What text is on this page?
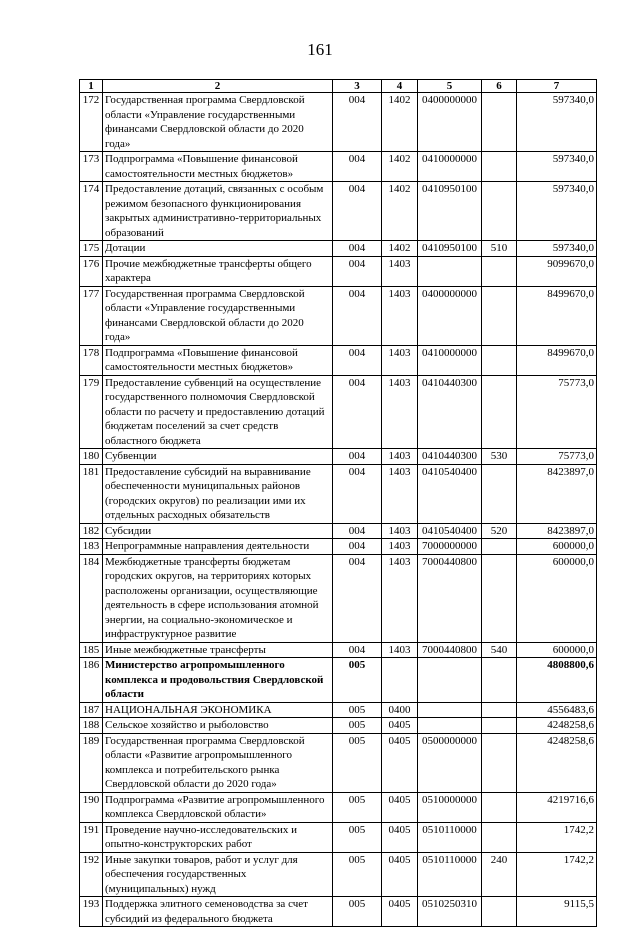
161
1	2	3	4	5	6	7
172	Государственная программа Свердловской области «Управление государственными финансами Свердловской области до 2020 года»	004	1402	0400000000		597340,0
173	Подпрограмма «Повышение финансовой самостоятельности местных бюджетов»	004	1402	0410000000		597340,0
174	Предоставление дотаций, связанных с особым режимом безопасного функционирования закрытых административно-территориальных образований	004	1402	0410950100		597340,0
175	Дотации	004	1402	0410950100	510	597340,0
176	Прочие межбюджетные трансферты общего характера	004	1403			9099670,0
177	Государственная программа Свердловской области «Управление государственными финансами Свердловской области до 2020 года»	004	1403	0400000000		8499670,0
178	Подпрограмма «Повышение финансовой самостоятельности местных бюджетов»	004	1403	0410000000		8499670,0
179	Предоставление субвенций на осуществление государственного полномочия Свердловской области по расчету и предоставлению дотаций бюджетам поселений за счет средств областного бюджета	004	1403	0410440300		75773,0
180	Субвенции	004	1403	0410440300	530	75773,0
181	Предоставление субсидий на выравнивание обеспеченности муниципальных районов (городских округов) по реализации ими их отдельных расходных обязательств	004	1403	0410540400		8423897,0
182	Субсидии	004	1403	0410540400	520	8423897,0
183	Непрограммные направления деятельности	004	1403	7000000000		600000,0
184	Межбюджетные трансферты бюджетам городских округов, на территориях которых расположены организации, осуществляющие деятельность в сфере использования атомной энергии, на социально-экономическое и инфраструктурное развитие	004	1403	7000440800		600000,0
185	Иные межбюджетные трансферты	004	1403	7000440800	540	600000,0
186	Министерство агропромышленного комплекса и продовольствия Свердловской области	005				4808800,6
187	НАЦИОНАЛЬНАЯ ЭКОНОМИКА	005	0400			4556483,6
188	Сельское хозяйство и рыболовство	005	0405			4248258,6
189	Государственная программа Свердловской области «Развитие агропромышленного комплекса и потребительского рынка Свердловской области до 2020 года»	005	0405	0500000000		4248258,6
190	Подпрограмма «Развитие агропромышленного комплекса Свердловской области»	005	0405	0510000000		4219716,6
191	Проведение научно-исследовательских и опытно-конструкторских работ	005	0405	0510110000		1742,2
192	Иные закупки товаров, работ и услуг для обеспечения государственных (муниципальных) нужд	005	0405	0510110000	240	1742,2
193	Поддержка элитного семеноводства за счет субсидий из федерального бюджета	005	0405	0510250310		9115,5
